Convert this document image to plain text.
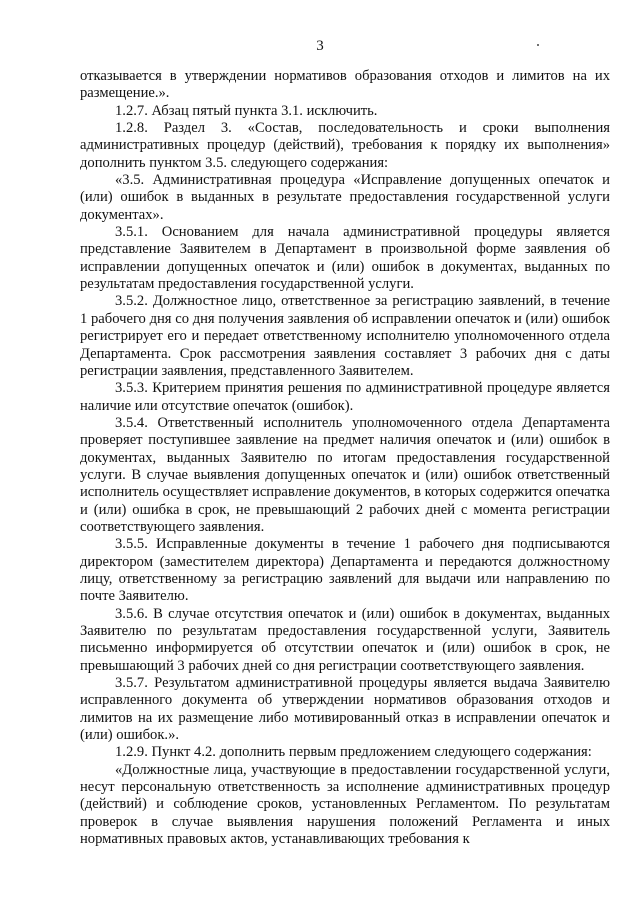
3

отказывается в утверждении нормативов образования отходов и лимитов на их размещение.».

1.2.7. Абзац пятый пункта 3.1. исключить.

1.2.8. Раздел 3. «Состав, последовательность и сроки выполнения административных процедур (действий), требования к порядку их выполнения» дополнить пунктом 3.5. следующего содержания:

«3.5. Административная процедура «Исправление допущенных опечаток и (или) ошибок в выданных в результате предоставления государственной услуги документах».

3.5.1. Основанием для начала административной процедуры является представление Заявителем в Департамент в произвольной форме заявления об исправлении допущенных опечаток и (или) ошибок в документах, выданных по результатам предоставления государственной услуги.

3.5.2. Должностное лицо, ответственное за регистрацию заявлений, в течение 1 рабочего дня со дня получения заявления об исправлении опечаток и (или) ошибок регистрирует его и передает ответственному исполнителю уполномоченного отдела Департамента. Срок рассмотрения заявления составляет 3 рабочих дня с даты регистрации заявления, представленного Заявителем.

3.5.3. Критерием принятия решения по административной процедуре является наличие или отсутствие опечаток (ошибок).

3.5.4. Ответственный исполнитель уполномоченного отдела Департамента проверяет поступившее заявление на предмет наличия опечаток и (или) ошибок в документах, выданных Заявителю по итогам предоставления государственной услуги. В случае выявления допущенных опечаток и (или) ошибок ответственный исполнитель осуществляет исправление документов, в которых содержится опечатка и (или) ошибка в срок, не превышающий 2 рабочих дней с момента регистрации соответствующего заявления.

3.5.5. Исправленные документы в течение 1 рабочего дня подписываются директором (заместителем директора) Департамента и передаются должностному лицу, ответственному за регистрацию заявлений для выдачи или направлению по почте Заявителю.

3.5.6. В случае отсутствия опечаток и (или) ошибок в документах, выданных Заявителю по результатам предоставления государственной услуги, Заявитель письменно информируется об отсутствии опечаток и (или) ошибок в срок, не превышающий 3 рабочих дней со дня регистрации соответствующего заявления.

3.5.7. Результатом административной процедуры является выдача Заявителю исправленного документа об утверждении нормативов образования отходов и лимитов на их размещение либо мотивированный отказ в исправлении опечаток и (или) ошибок.».

1.2.9. Пункт 4.2. дополнить первым предложением следующего содержания:

«Должностные лица, участвующие в предоставлении государственной услуги, несут персональную ответственность за исполнение административных процедур (действий) и соблюдение сроков, установленных Регламентом. По результатам проверок в случае выявления нарушения положений Регламента и иных нормативных правовых актов, устанавливающих требования к
